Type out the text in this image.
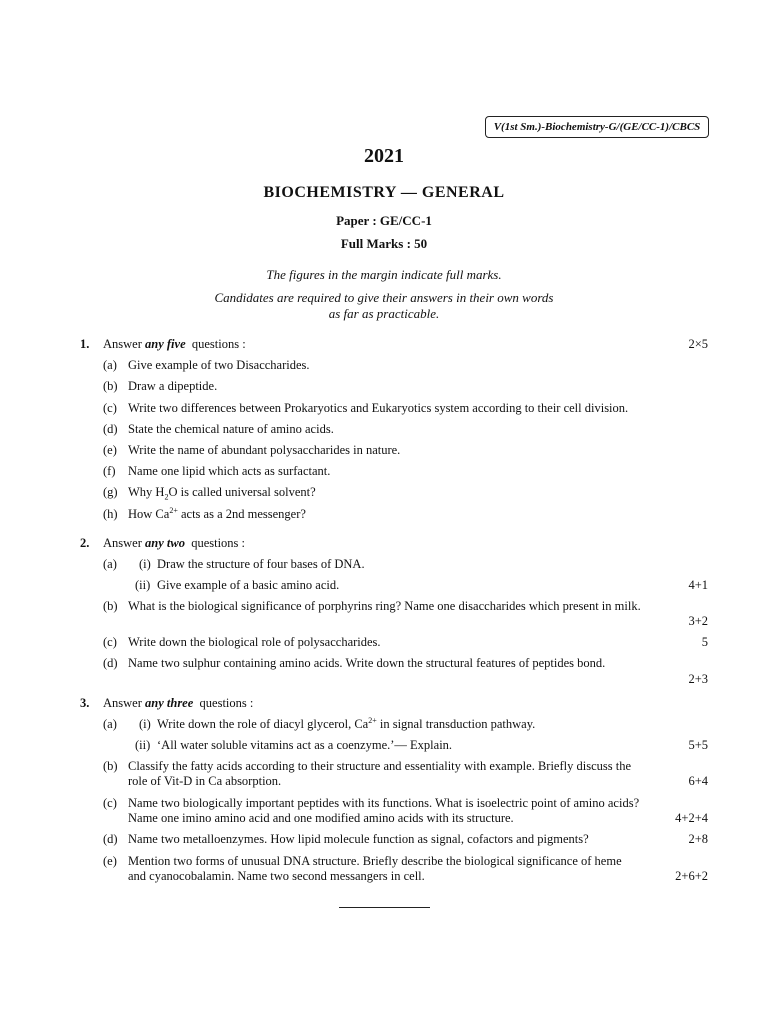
V(1st Sm.)-Biochemistry-G/(GE/CC-1)/CBCS
2021
BIOCHEMISTRY — GENERAL
Paper : GE/CC-1
Full Marks : 50
The figures in the margin indicate full marks.
Candidates are required to give their answers in their own words
as far as practicable.
1. Answer any five questions :	2×5
(a) Give example of two Disaccharides.
(b) Draw a dipeptide.
(c) Write two differences between Prokaryotics and Eukaryotics system according to their cell division.
(d) State the chemical nature of amino acids.
(e) Write the name of abundant polysaccharides in nature.
(f) Name one lipid which acts as surfactant.
(g) Why $H_2O$ is called universal solvent?
(h) How $Ca^{2+}$ acts as a 2nd messenger?
2. Answer any two questions :
(a) (i) Draw the structure of four bases of DNA.
(ii) Give example of a basic amino acid.	4+1
(b) What is the biological significance of porphyrins ring? Name one disaccharides which present in milk.
3+2
(c) Write down the biological role of polysaccharides.	5
(d) Name two sulphur containing amino acids. Write down the structural features of peptides bond.
2+3
3. Answer any three questions :
(a) (i) Write down the role of diacyl glycerol, $Ca^{2+}$ in signal transduction pathway.
(ii) ‘All water soluble vitamins act as a coenzyme.’— Explain.	5+5
(b) Classify the fatty acids according to their structure and essentiality with example. Briefly discuss the
role of Vit-D in Ca absorption.	6+4
(c) Name two biologically important peptides with its functions. What is isoelectric point of amino acids?
Name one imino amino acid and one modified amino acids with its structure.	4+2+4
(d) Name two metalloenzymes. How lipid molecule function as signal, cofactors and pigments?	2+8
(e) Mention two forms of unusual DNA structure. Briefly describe the biological significance of heme
and cyanocobalamin. Name two second messangers in cell.	2+6+2
